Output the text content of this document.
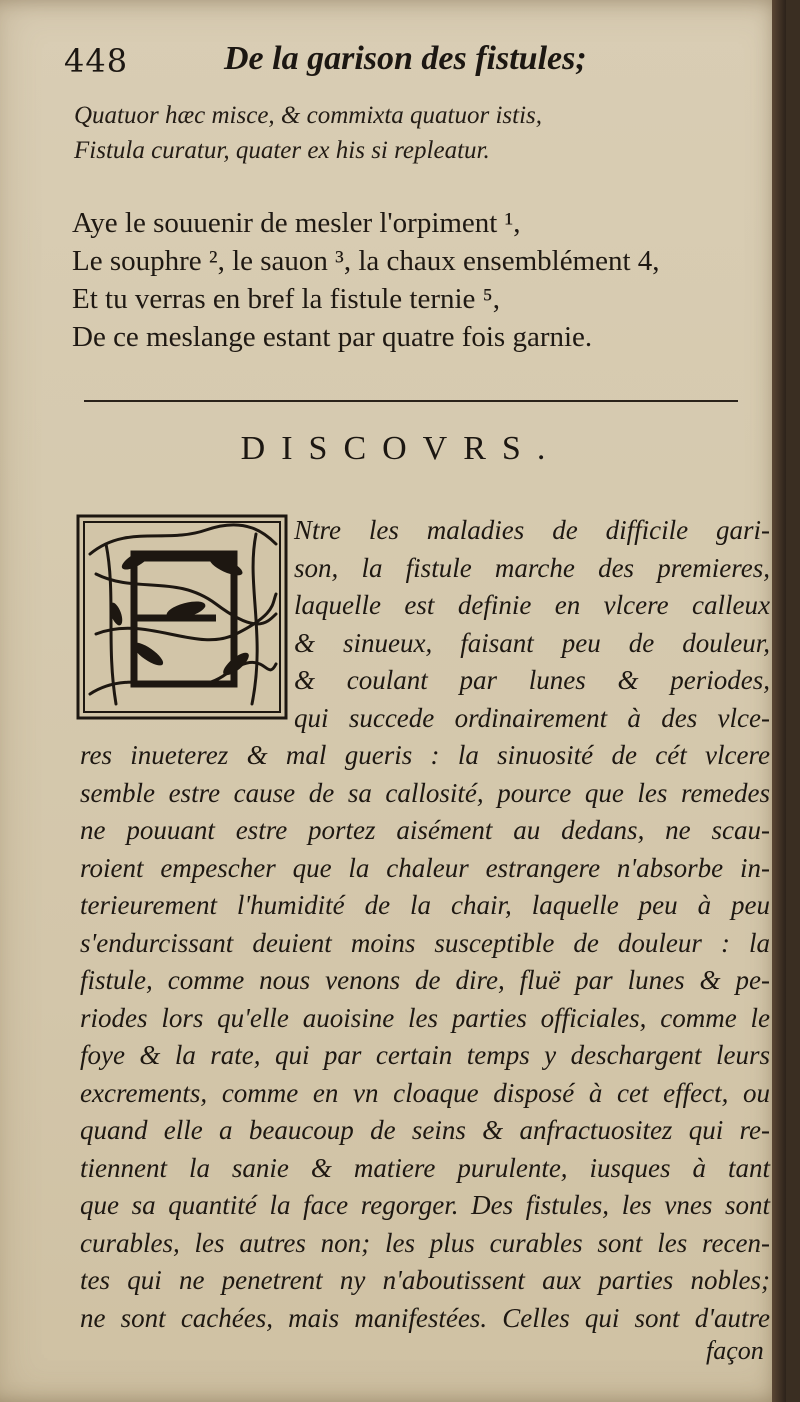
448	De la garison des fistules;
Quatuor hæc misce, & commixta quatuor istis,
Fistula curatur, quater ex his si repleatur.
Aye le souuenir de mesler l'orpiment ¹,
Le souphre ², le sauon ³, la chaux ensemblément 4,
Et tu verras en bref la fistule ternie ⁵,
De ce meslange estant par quatre fois garnie.
DISCOVRS.
Ntre les maladies de difficile gari-
son, la fistule marche des premieres,
laquelle est definie en vlcere calleux
& sinueux, faisant peu de douleur,
& coulant par lunes & periodes,
qui succede ordinairement à des vlce-
res inueterez & mal gueris : la sinuosité de cét vlcere
semble estre cause de sa callosité, pource que les remedes
ne pouuant estre portez aisément au dedans, ne scau-
roient empescher que la chaleur estrangere n'absorbe in-
terieurement l'humidité de la chair, laquelle peu à peu
s'endurcissant deuient moins susceptible de douleur : la
fistule, comme nous venons de dire, fluë par lunes & pe-
riodes lors qu'elle auoisine les parties officiales, comme le
foye & la rate, qui par certain temps y deschargent leurs
excrements, comme en vn cloaque disposé à cet effect, ou
quand elle a beaucoup de seins & anfractuositez qui re-
tiennent la sanie & matiere purulente, iusques à tant
que sa quantité la face regorger. Des fistules, les vnes sont
curables, les autres non; les plus curables sont les recen-
tes qui ne penetrent ny n'aboutissent aux parties nobles;
ne sont cachées, mais manifestées. Celles qui sont d'autre
façon
